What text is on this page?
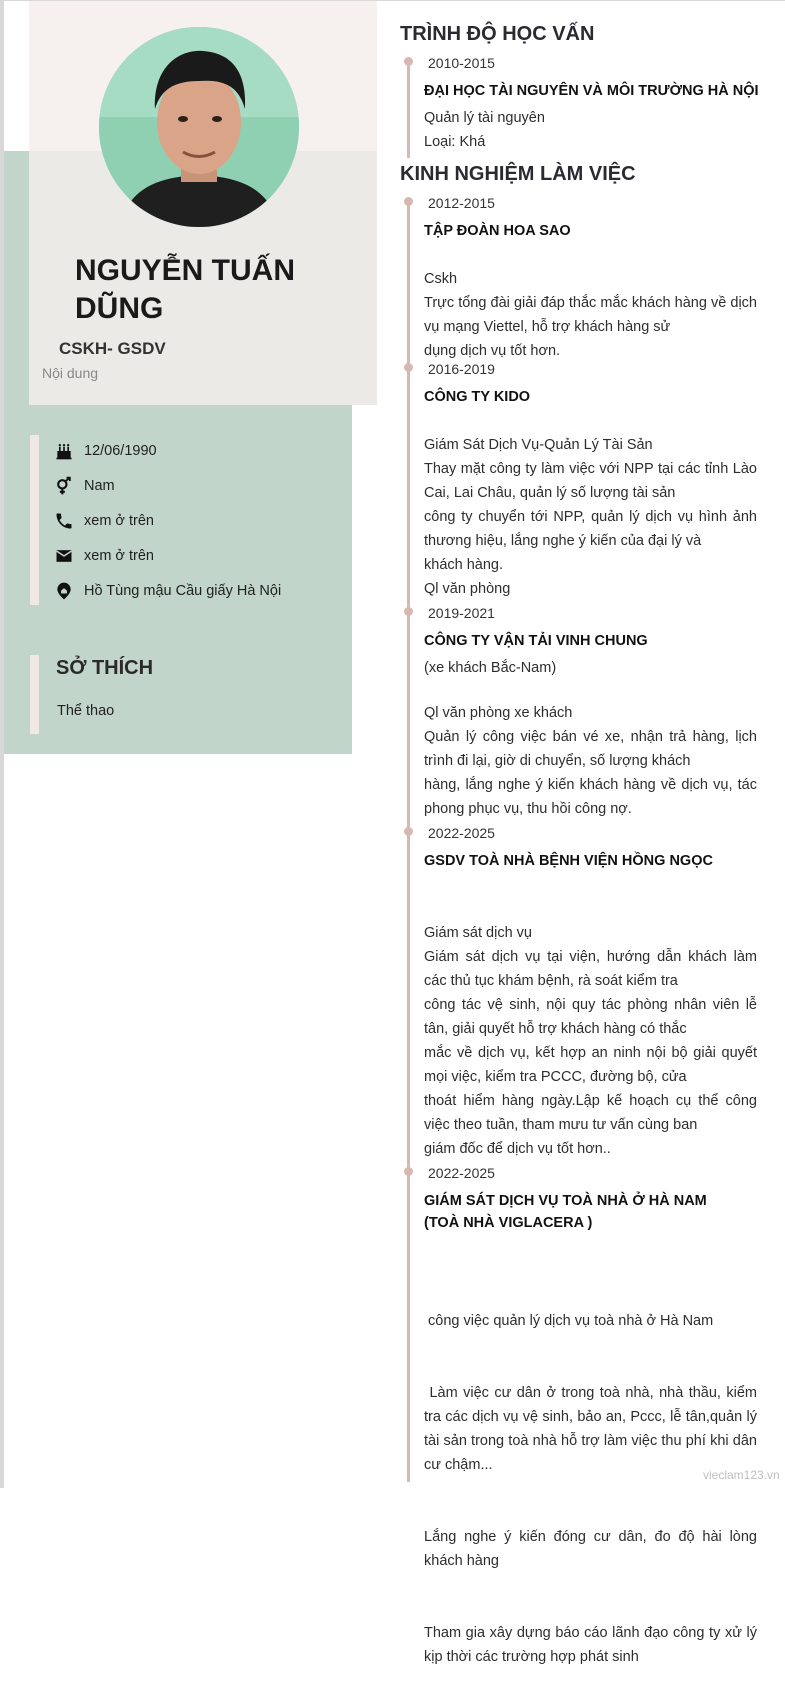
NGUYỄN TUẤN DŨNG
CSKH- GSDV
Nội dung
12/06/1990
Nam
xem ở trên
xem ở trên
Hồ Tùng mậu Cầu giấy Hà Nội
SỞ THÍCH
Thể thao
TRÌNH ĐỘ HỌC VẤN
2010-2015
ĐẠI HỌC TÀI NGUYÊN VÀ MÔI TRƯỜNG HÀ NỘI
Quản lý tài nguyên
Loại: Khá
KINH NGHIỆM LÀM VIỆC
2012-2015
TẬP ĐOÀN HOA SAO
Cskh
Trực tổng đài giải đáp thắc mắc khách hàng về dịch vụ mạng Viettel, hỗ trợ khách hàng sử
dụng dịch vụ tốt hơn.
2016-2019
CÔNG TY KIDO
Giám Sát Dịch Vụ-Quản Lý Tài Sản
Thay mặt công ty làm việc với NPP tại các tỉnh Lào Cai, Lai Châu, quản lý số lượng tài sản
công ty chuyển tới NPP, quản lý dịch vụ hình ảnh thương hiệu, lắng nghe ý kiến của đại lý và
khách hàng.
Ql văn phòng
2019-2021
CÔNG TY VẬN TẢI VINH CHUNG
(xe khách Bắc-Nam)
Ql văn phòng xe khách
Quản lý công việc bán vé xe, nhận trả hàng, lịch trình đi lại, giờ di chuyển, số lượng khách
hàng, lắng nghe ý kiến khách hàng về dịch vụ, tác phong phục vụ, thu hồi công nợ.
2022-2025
GSDV TOÀ NHÀ BỆNH VIỆN HỒNG NGỌC
Giám sát dịch vụ
Giám sát dịch vụ tại viện, hướng dẫn khách làm các thủ tục khám bệnh, rà soát kiểm tra
công tác vệ sinh, nội quy tác phòng nhân viên lễ tân, giải quyết hỗ trợ khách hàng có thắc
mắc về dịch vụ, kết hợp an ninh nội bộ giải quyết mọi việc, kiểm tra PCCC, đường bộ, cửa
thoát hiểm hàng ngày.Lập kế hoạch cụ thể công việc theo tuần, tham mưu tư vấn cùng ban
giám đốc để dịch vụ tốt hơn..
2022-2025
GIÁM SÁT DỊCH VỤ TOÀ NHÀ Ở HÀ NAM
(TOÀ NHÀ VIGLACERA )

công việc quản lý dịch vụ toà nhà ở Hà Nam

Làm việc cư dân ở trong toà nhà, nhà thầu, kiểm tra các dịch vụ vệ sinh, bảo an, Pccc, lễ tân,quản lý tài sản trong toà nhà hỗ trợ làm việc thu phí khi dân cư chậm...

Lắng nghe ý kiến đóng cư dân, đo độ hài lòng khách hàng

Tham gia xây dựng báo cáo lãnh đạo công ty xử lý kịp thời các trường hợp phát sinh

vieclam123.vn
